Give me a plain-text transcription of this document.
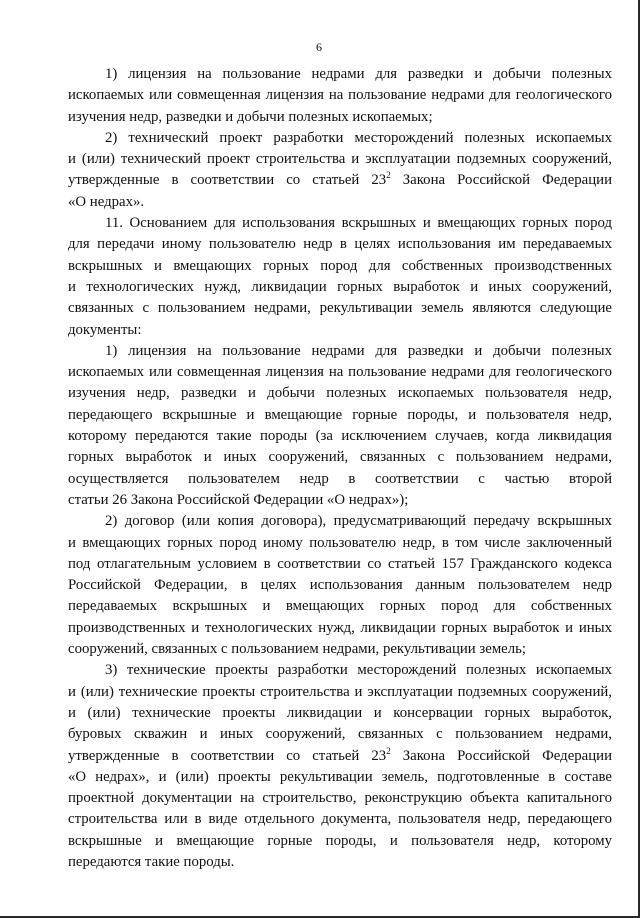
6

1) лицензия на пользование недрами для разведки и добычи полезных
ископаемых или совмещенная лицензия на пользование недрами для геологического
изучения недр, разведки и добычи полезных ископаемых;

2) технический проект разработки месторождений полезных ископаемых
и (или) технический проект строительства и эксплуатации подземных сооружений,
утвержденные в соответствии со статьей $23^2$ Закона Российской Федерации
«О недрах».

11. Основанием для использования вскрышных и вмещающих горных пород
для передачи иному пользователю недр в целях использования им передаваемых
вскрышных и вмещающих горных пород для собственных производственных
и технологических нужд, ликвидации горных выработок и иных сооружений,
связанных с пользованием недрами, рекультивации земель являются следующие
документы:

1) лицензия на пользование недрами для разведки и добычи полезных
ископаемых или совмещенная лицензия на пользование недрами для геологического
изучения недр, разведки и добычи полезных ископаемых пользователя недр,
передающего вскрышные и вмещающие горные породы, и пользователя недр,
которому передаются такие породы (за исключением случаев, когда ликвидация
горных выработок и иных сооружений, связанных с пользованием недрами,
осуществляется пользователем недр в соответствии с частью второй
статьи 26 Закона Российской Федерации «О недрах»);

2) договор (или копия договора), предусматривающий передачу вскрышных
и вмещающих горных пород иному пользователю недр, в том числе заключенный
под отлагательным условием в соответствии со статьей 157 Гражданского кодекса
Российской Федерации, в целях использования данным пользователем недр
передаваемых вскрышных и вмещающих горных пород для собственных
производственных и технологических нужд, ликвидации горных выработок и иных
сооружений, связанных с пользованием недрами, рекультивации земель;

3) технические проекты разработки месторождений полезных ископаемых
и (или) технические проекты строительства и эксплуатации подземных сооружений,
и (или) технические проекты ликвидации и консервации горных выработок,
буровых скважин и иных сооружений, связанных с пользованием недрами,
утвержденные в соответствии со статьей $23^2$ Закона Российской Федерации
«О недрах», и (или) проекты рекультивации земель, подготовленные в составе
проектной документации на строительство, реконструкцию объекта капитального
строительства или в виде отдельного документа, пользователя недр, передающего
вскрышные и вмещающие горные породы, и пользователя недр, которому
передаются такие породы.
